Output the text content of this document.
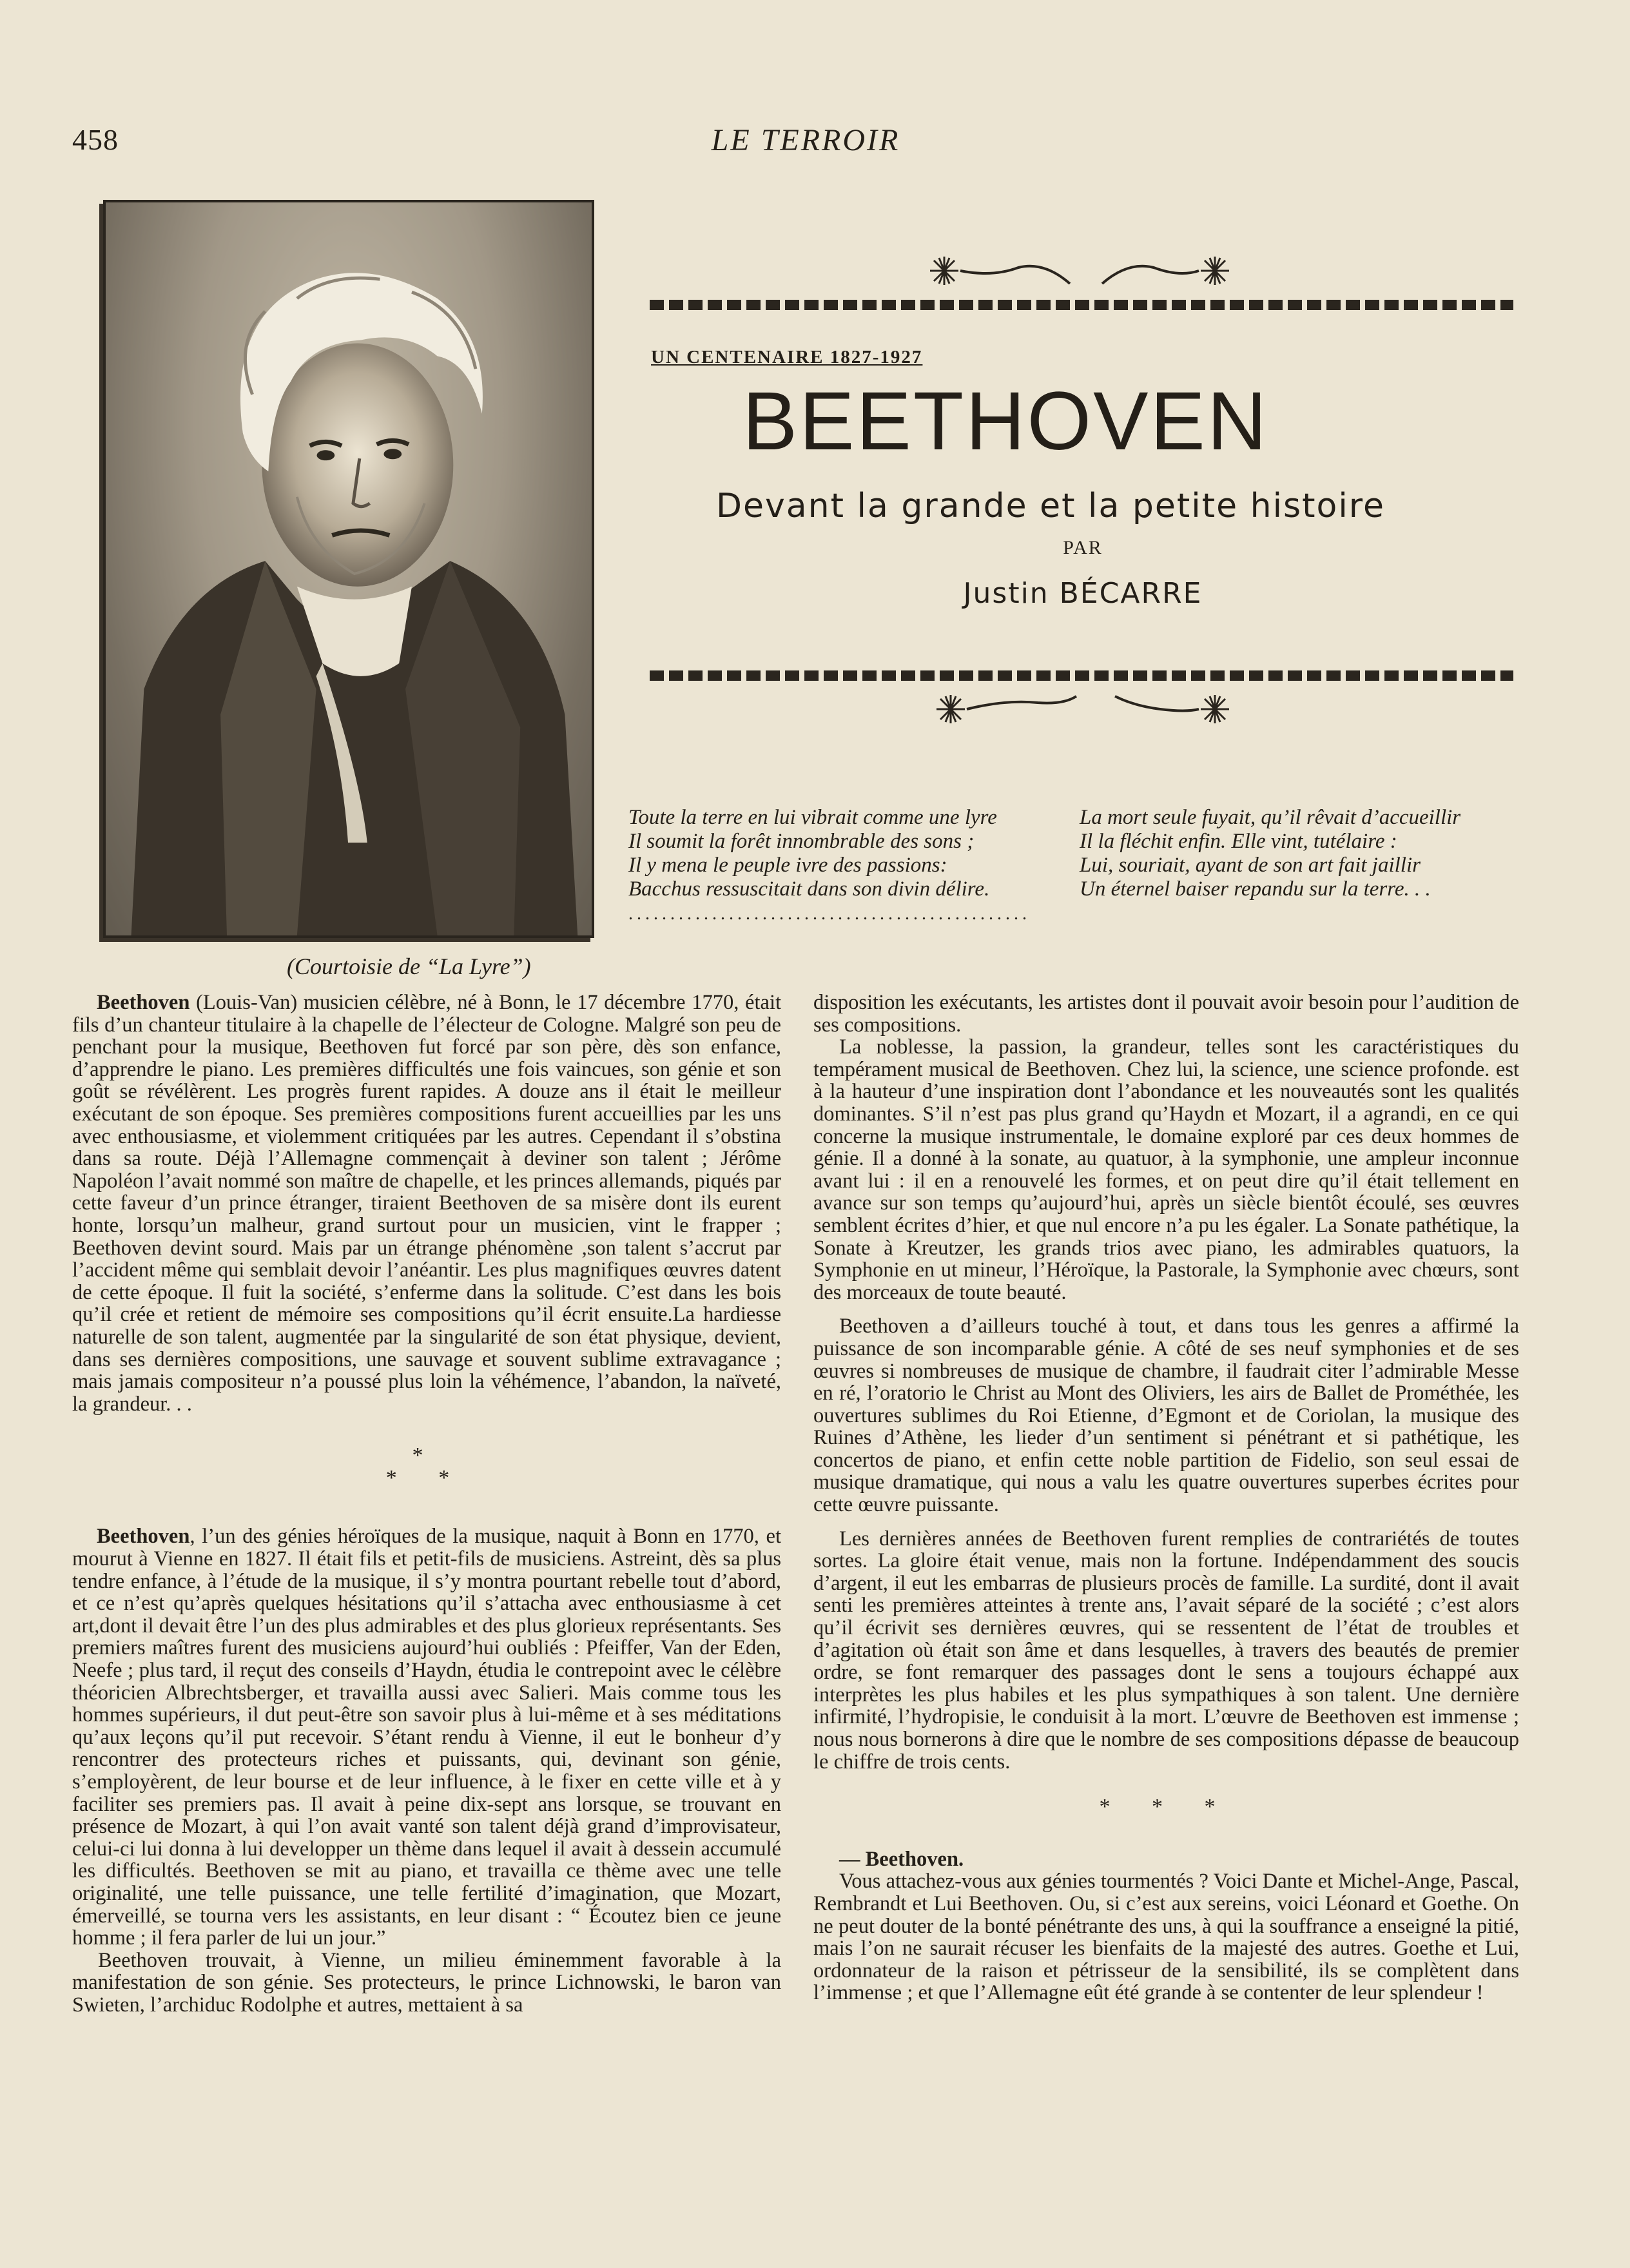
458	LE TERROIR
(Courtoisie de “La Lyre”)
UN CENTENAIRE 1827-1927
BEETHOVEN
Devant la grande et la petite histoire
PAR
Justin BÉCARRE
Toute la terre en lui vibrait comme une lyre
Il soumit la forêt innombrable des sons ;
Il y mena le peuple ivre des passions:
Bacchus ressuscitait dans son divin délire.
La mort seule fuyait, qu’il rêvait d’accueillir
Il la fléchit enfin. Elle vint, tutélaire :
Lui, souriait, ayant de son art fait jaillir
Un éternel baiser repandu sur la terre. . .
................................................

Beethoven (Louis-Van) musicien célèbre, né à Bonn, le 17 décembre 1770, était fils d’un chanteur titulaire à la chapelle de l’électeur de Cologne. Malgré son peu de penchant pour la musique, Beethoven fut forcé par son père, dès son enfance, d’apprendre le piano. Les premières difficultés une fois vaincues, son génie et son goût se révélèrent. Les progrès furent rapides. A douze ans il était le meilleur exécutant de son époque. Ses premières compositions furent accueillies par les uns avec enthousiasme, et violemment critiquées par les autres. Cependant il s’obstina dans sa route. Déjà l’Allemagne commençait à deviner son talent ; Jérôme Napoléon l’avait nommé son maître de chapelle, et les princes allemands, piqués par cette faveur d’un prince étranger, tiraient Beethoven de sa misère dont ils eurent honte, lorsqu’un malheur, grand surtout pour un musicien, vint le frapper ; Beethoven devint sourd. Mais par un étrange phénomène ,son talent s’accrut par l’accident même qui semblait devoir l’anéantir. Les plus magnifiques œuvres datent de cette époque. Il fuit la société, s’enferme dans la solitude. C’est dans les bois qu’il crée et retient de mémoire ses compositions qu’il écrit ensuite.La hardiesse naturelle de son talent, augmentée par la singularité de son état physique, devient, dans ses dernières compositions, une sauvage et souvent sublime extravagance ; mais jamais compositeur n’a poussé plus loin la véhémence, l’abandon, la naïveté, la grandeur. . .

*
* *

Beethoven, l’un des génies héroïques de la musique, naquit à Bonn en 1770, et mourut à Vienne en 1827. Il était fils et petit-fils de musiciens. Astreint, dès sa plus tendre enfance, à l’étude de la musique, il s’y montra pourtant rebelle tout d’abord, et ce n’est qu’après quelques hésitations qu’il s’attacha avec enthousiasme à cet art,dont il devait être l’un des plus admirables et des plus glorieux représentants. Ses premiers maîtres furent des musiciens aujourd’hui oubliés : Pfeiffer, Van der Eden, Neefe ; plus tard, il reçut des conseils d’Haydn, étudia le contrepoint avec le célèbre théoricien Albrechtsberger, et travailla aussi avec Salieri. Mais comme tous les hommes supérieurs, il dut peut-être son savoir plus à lui-même et à ses méditations qu’aux leçons qu’il put recevoir. S’étant rendu à Vienne, il eut le bonheur d’y rencontrer des protecteurs riches et puissants, qui, devinant son génie, s’employèrent, de leur bourse et de leur influence, à le fixer en cette ville et à y faciliter ses premiers pas. Il avait à peine dix-sept ans lorsque, se trouvant en présence de Mozart, à qui l’on avait vanté son talent déjà grand d’improvisateur, celui-ci lui donna à lui developper un thème dans lequel il avait à dessein accumulé les difficultés. Beethoven se mit au piano, et travailla ce thème avec une telle originalité, une telle puissance, une telle fertilité d’imagination, que Mozart, émerveillé, se tourna vers les assistants, en leur disant : “ Écoutez bien ce jeune homme ; il fera parler de lui un jour.”

Beethoven trouvait, à Vienne, un milieu éminemment favorable à la manifestation de son génie. Ses protecteurs, le prince Lichnowski, le baron van Swieten, l’archiduc Rodolphe et autres, mettaient à sa

disposition les exécutants, les artistes dont il pouvait avoir besoin pour l’audition de ses compositions.

La noblesse, la passion, la grandeur, telles sont les caractéristiques du tempérament musical de Beethoven. Chez lui, la science, une science profonde. est à la hauteur d’une inspiration dont l’abondance et les nouveautés sont les qualités dominantes. S’il n’est pas plus grand qu’Haydn et Mozart, il a agrandi, en ce qui concerne la musique instrumentale, le domaine exploré par ces deux hommes de génie. Il a donné à la sonate, au quatuor, à la symphonie, une ampleur inconnue avant lui : il en a renouvelé les formes, et on peut dire qu’il était tellement en avance sur son temps qu’aujourd’hui, après un siècle bientôt écoulé, ses œuvres semblent écrites d’hier, et que nul encore n’a pu les égaler. La Sonate pathétique, la Sonate à Kreutzer, les grands trios avec piano, les admirables quatuors, la Symphonie en ut mineur, l’Héroïque, la Pastorale, la Symphonie avec chœurs, sont des morceaux de toute beauté.

Beethoven a d’ailleurs touché à tout, et dans tous les genres a affirmé la puissance de son incomparable génie. A côté de ses neuf symphonies et de ses œuvres si nombreuses de musique de chambre, il faudrait citer l’admirable Messe en ré, l’oratorio le Christ au Mont des Oliviers, les airs de Ballet de Prométhée, les ouvertures sublimes du Roi Etienne, d’Egmont et de Coriolan, la musique des Ruines d’Athène, les lieder d’un sentiment si pénétrant et si pathétique, les concertos de piano, et enfin cette noble partition de Fidelio, son seul essai de musique dramatique, qui nous a valu les quatre ouvertures superbes écrites pour cette œuvre puissante.

Les dernières années de Beethoven furent remplies de contrariétés de toutes sortes. La gloire était venue, mais non la fortune. Indépendamment des soucis d’argent, il eut les embarras de plusieurs procès de famille. La surdité, dont il avait senti les premières atteintes à trente ans, l’avait séparé de la société ; c’est alors qu’il écrivit ses dernières œuvres, qui se ressentent de l’état de troubles et d’agitation où était son âme et dans lesquelles, à travers des beautés de premier ordre, se font remarquer des passages dont le sens a toujours échappé aux interprètes les plus habiles et les plus sympathiques à son talent. Une dernière infirmité, l’hydropisie, le conduisit à la mort. L’œuvre de Beethoven est immense ; nous nous bornerons à dire que le nombre de ses compositions dépasse de beaucoup le chiffre de trois cents.

* * *

— Beethoven.

Vous attachez-vous aux génies tourmentés ? Voici Dante et Michel-Ange, Pascal, Rembrandt et Lui Beethoven. Ou, si c’est aux sereins, voici Léonard et Goethe. On ne peut douter de la bonté pénétrante des uns, à qui la souffrance a enseigné la pitié, mais l’on ne saurait récuser les bienfaits de la majesté des autres. Goethe et Lui, ordonnateur de la raison et pétrisseur de la sensibilité, ils se complètent dans l’immense ; et que l’Allemagne eût été grande à se contenter de leur splendeur !
